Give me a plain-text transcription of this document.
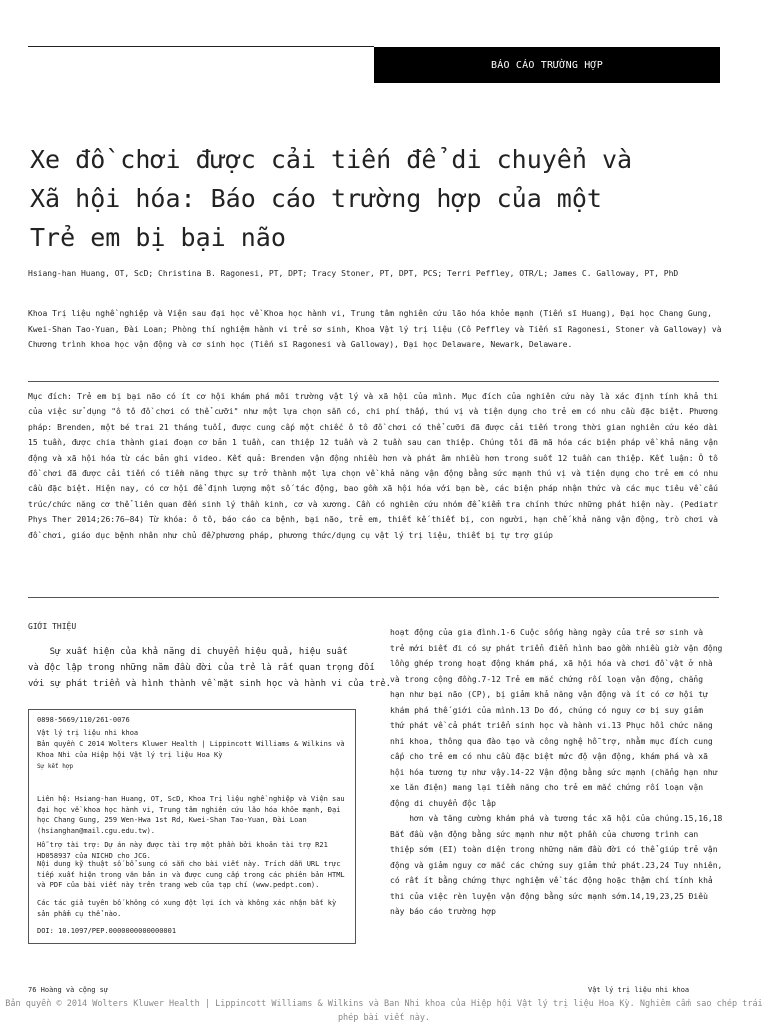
BÁO CÁO TRƯỜNG HỢP
Xe đồ chơi được cải tiến để di chuyển và
Xã hội hóa: Báo cáo trường hợp của một
Trẻ em bị bại não
Hsiang-han Huang, OT, ScD; Christina B. Ragonesi, PT, DPT; Tracy Stoner, PT, DPT, PCS; Terri Peffley, OTR/L; James C. Galloway, PT, PhD
Khoa Trị liệu nghề nghiệp và Viện sau đại học về Khoa học hành vi, Trung tâm nghiên cứu lão hóa khỏe mạnh (Tiến sĩ Huang), Đại học Chang Gung, Kwei-Shan Tao-Yuan, Đài Loan; Phòng thí nghiệm hành vi trẻ sơ sinh, Khoa Vật lý trị liệu (Cô Peffley và Tiến sĩ Ragonesi, Stoner và Galloway) và Chương trình khoa học vận động và cơ sinh học (Tiến sĩ Ragonesi và Galloway), Đại học Delaware, Newark, Delaware.
Mục đích: Trẻ em bị bại não có ít cơ hội khám phá môi trường vật lý và xã hội của mình. Mục đích của nghiên cứu này là xác định tính khả thi của việc sử dụng "ô tô đồ chơi có thể cưỡi" như một lựa chọn sẵn có, chi phí thấp, thú vị và tiện dụng cho trẻ em có nhu cầu đặc biệt. Phương pháp: Brenden, một bé trai 21 tháng tuổi, được cung cấp một chiếc ô tô đồ chơi có thể cưỡi đã được cải tiến trong thời gian nghiên cứu kéo dài 15 tuần, được chia thành giai đoạn cơ bản 1 tuần, can thiệp 12 tuần và 2 tuần sau can thiệp. Chúng tôi đã mã hóa các biện pháp về khả năng vận động và xã hội hóa từ các bản ghi video. Kết quả: Brenden vận động nhiều hơn và phát âm nhiều hơn trong suốt 12 tuần can thiệp. Kết luận: Ô tô đồ chơi đã được cải tiến có tiềm năng thực sự trở thành một lựa chọn về khả năng vận động bằng sức mạnh thú vị và tiện dụng cho trẻ em có nhu cầu đặc biệt. Hiện nay, có cơ hội để định lượng một số tác động, bao gồm xã hội hóa với bạn bè, các biện pháp nhận thức và các mục tiêu về cấu trúc/chức năng cơ thể liên quan đến sinh lý thần kinh, cơ và xương. Cần có nghiên cứu nhóm để kiểm tra chính thức những phát hiện này. (Pediatr Phys Ther 2014;26:76–84) Từ khóa: ô tô, báo cáo ca bệnh, bại não, trẻ em, thiết kế thiết bị, con người, hạn chế khả năng vận động, trò chơi và đồ chơi, giáo dục bệnh nhân như chủ đề/phương pháp, phương thức/dụng cụ vật lý trị liệu, thiết bị tự trợ giúp
GIỚI THIỆU
Sự xuất hiện của khả năng di chuyển hiệu quả, hiệu suất
và độc lập trong những năm đầu đời của trẻ là rất quan trọng đối
với sự phát triển và hình thành về mặt sinh học và hành vi của trẻ.
0898-5669/110/261-0076
Vật lý trị liệu nhi khoa
Bản quyền C 2014 Wolters Kluwer Health | Lippincott Williams & Wilkins và Khoa Nhi của Hiệp hội Vật lý trị liệu Hoa Kỳ
Sự kết hợp
Liên hệ: Hsiang-han Huang, OT, ScD, Khoa Trị liệu nghề nghiệp và Viện sau đại học về khoa học hành vi, Trung tâm nghiên cứu lão hóa khỏe mạnh, Đại học Chang Gung, 259 Wen-Hwa 1st Rd, Kwei-Shan Tao-Yuan, Đài Loan (hsianghan@mail.cgu.edu.tw).
Hỗ trợ tài trợ: Dự án này được tài trợ một phần bởi khoản tài trợ R21 HD058937 của NICHD cho JCG.
Nội dung kỹ thuật số bổ sung có sẵn cho bài viết này. Trích dẫn URL trực tiếp xuất hiện trong văn bản in và được cung cấp trong các phiên bản HTML và PDF của bài viết này trên trang web của tạp chí (www.pedpt.com).
Các tác giả tuyên bố không có xung đột lợi ích và không xác nhận bất kỳ sản phẩm cụ thể nào.
DOI: 10.1097/PEP.0000000000000001
hoạt động của gia đình.1-6 Cuộc sống hàng ngày của trẻ sơ sinh và
trẻ mới biết đi có sự phát triển điển hình bao gồm nhiều giờ vận động
lồng ghép trong hoạt động khám phá, xã hội hóa và chơi đồ vật ở nhà
và trong cộng đồng.7-12 Trẻ em mắc chứng rối loạn vận động, chẳng
hạn như bại não (CP), bị giảm khả năng vận động và ít có cơ hội tự
khám phá thế giới của mình.13 Do đó, chúng có nguy cơ bị suy giảm
thứ phát về cả phát triển sinh học và hành vi.13 Phục hồi chức năng
nhi khoa, thông qua đào tạo và công nghệ hỗ trợ, nhằm mục đích cung
cấp cho trẻ em có nhu cầu đặc biệt mức độ vận động, khám phá và xã
hội hóa tương tự như vậy.14-22 Vận động bằng sức mạnh (chẳng hạn như
xe lăn điện) mang lại tiềm năng cho trẻ em mắc chứng rối loạn vận
động di chuyển độc lập
hơn và tăng cường khám phá và tương tác xã hội của chúng.15,16,18
Bắt đầu vận động bằng sức mạnh như một phần của chương trình can
thiệp sớm (EI) toàn diện trong những năm đầu đời có thể giúp trẻ vận
động và giảm nguy cơ mắc các chứng suy giảm thứ phát.23,24 Tuy nhiên,
có rất ít bằng chứng thực nghiệm về tác động hoặc thậm chí tính khả
thi của việc rèn luyện vận động bằng sức mạnh sớm.14,19,23,25 Điều
này báo cáo trường hợp
76 Hoàng và cộng sự	Vật lý trị liệu nhi khoa
Bản quyền © 2014 Wolters Kluwer Health | Lippincott Williams & Wilkins và Ban Nhi khoa của Hiệp hội Vật lý trị liệu Hoa Kỳ. Nghiêm cấm sao chép trái phép bài viết này.
